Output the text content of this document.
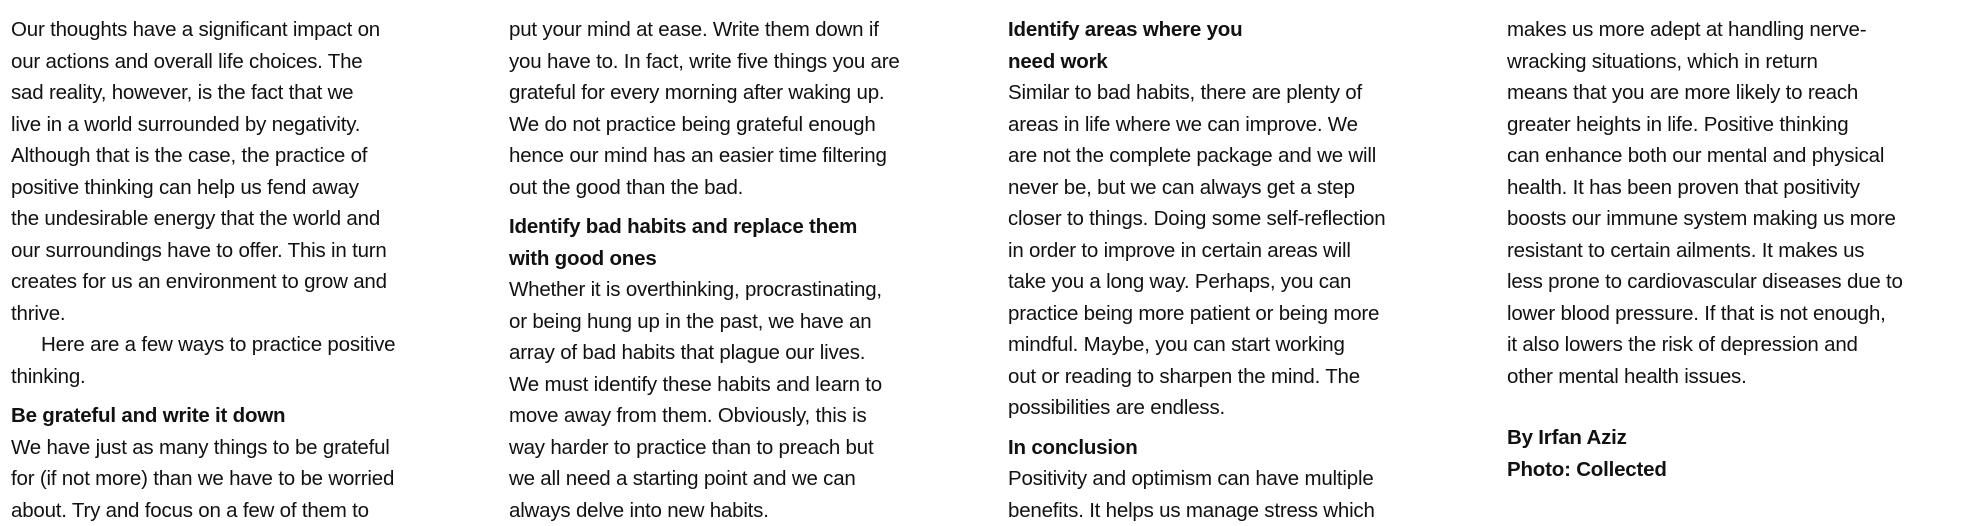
Our thoughts have a significant impact on
our actions and overall life choices. The
sad reality, however, is the fact that we
live in a world surrounded by negativity.
Although that is the case, the practice of
positive thinking can help us fend away
the undesirable energy that the world and
our surroundings have to offer. This in turn
creates for us an environment to grow and
thrive.
Here are a few ways to practice positive
thinking.
Be grateful and write it down
We have just as many things to be grateful
for (if not more) than we have to be worried
about. Try and focus on a few of them to
put your mind at ease. Write them down if
you have to. In fact, write five things you are
grateful for every morning after waking up.
We do not practice being grateful enough
hence our mind has an easier time filtering
out the good than the bad.
Identify bad habits and replace them
with good ones
Whether it is overthinking, procrastinating,
or being hung up in the past, we have an
array of bad habits that plague our lives.
We must identify these habits and learn to
move away from them. Obviously, this is
way harder to practice than to preach but
we all need a starting point and we can
always delve into new habits.
Identify areas where you
need work
Similar to bad habits, there are plenty of
areas in life where we can improve. We
are not the complete package and we will
never be, but we can always get a step
closer to things. Doing some self-reflection
in order to improve in certain areas will
take you a long way. Perhaps, you can
practice being more patient or being more
mindful. Maybe, you can start working
out or reading to sharpen the mind. The
possibilities are endless.
In conclusion
Positivity and optimism can have multiple
benefits. It helps us manage stress which
makes us more adept at handling nerve-
wracking situations, which in return
means that you are more likely to reach
greater heights in life. Positive thinking
can enhance both our mental and physical
health. It has been proven that positivity
boosts our immune system making us more
resistant to certain ailments. It makes us
less prone to cardiovascular diseases due to
lower blood pressure. If that is not enough,
it also lowers the risk of depression and
other mental health issues.
By Irfan Aziz
Photo: Collected
